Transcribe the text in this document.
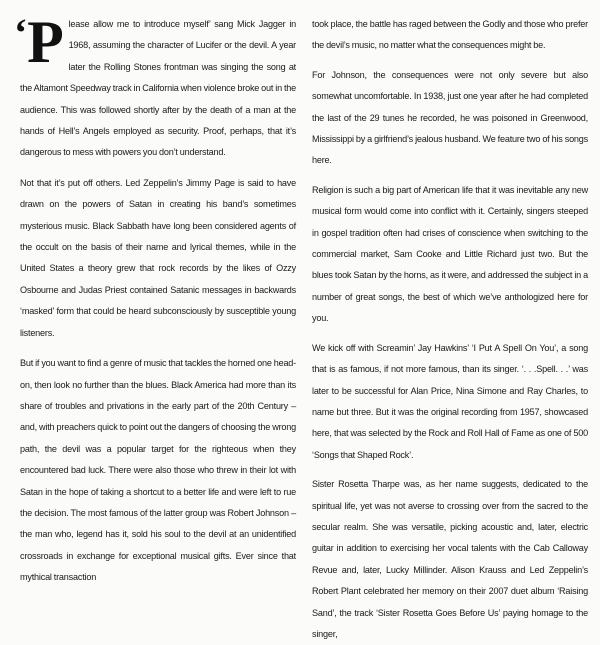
‘P lease allow me to introduce myself’ sang Mick Jagger in 1968, assuming the character of Lucifer or the devil. A year later the Rolling Stones frontman was singing the song at the Altamont Speedway track in California when violence broke out in the audience. This was followed shortly after by the death of a man at the hands of Hell’s Angels employed as security. Proof, perhaps, that it’s dangerous to mess with powers you don’t understand.

Not that it’s put off others. Led Zeppelin’s Jimmy Page is said to have drawn on the powers of Satan in creating his band’s sometimes mysterious music. Black Sabbath have long been considered agents of the occult on the basis of their name and lyrical themes, while in the United States a theory grew that rock records by the likes of Ozzy Osbourne and Judas Priest contained Satanic messages in backwards ‘masked’ form that could be heard subconsciously by susceptible young listeners.

But if you want to find a genre of music that tackles the horned one head-on, then look no further than the blues. Black America had more than its share of troubles and privations in the early part of the 20th Century – and, with preachers quick to point out the dangers of choosing the wrong path, the devil was a popular target for the righteous when they encountered bad luck. There were also those who threw in their lot with Satan in the hope of taking a shortcut to a better life and were left to rue the decision. The most famous of the latter group was Robert Johnson – the man who, legend has it, sold his soul to the devil at an unidentified crossroads in exchange for exceptional musical gifts. Ever since that mythical transaction

took place, the battle has raged between the Godly and those who prefer the devil’s music, no matter what the consequences might be.

For Johnson, the consequences were not only severe but also somewhat uncomfortable. In 1938, just one year after he had completed the last of the 29 tunes he recorded, he was poisoned in Greenwood, Mississippi by a girlfriend’s jealous husband. We feature two of his songs here.

Religion is such a big part of American life that it was inevitable any new musical form would come into conflict with it. Certainly, singers steeped in gospel tradition often had crises of conscience when switching to the commercial market, Sam Cooke and Little Richard just two. But the blues took Satan by the horns, as it were, and addressed the subject in a number of great songs, the best of which we’ve anthologized here for you.

We kick off with Screamin’ Jay Hawkins’ ‘I Put A Spell On You’, a song that is as famous, if not more famous, than its singer. ‘. . .Spell. . .’ was later to be successful for Alan Price, Nina Simone and Ray Charles, to name but three. But it was the original recording from 1957, showcased here, that was selected by the Rock and Roll Hall of Fame as one of 500 ‘Songs that Shaped Rock’.

Sister Rosetta Tharpe was, as her name suggests, dedicated to the spiritual life, yet was not averse to crossing over from the sacred to the secular realm. She was versatile, picking acoustic and, later, electric guitar in addition to exercising her vocal talents with the Cab Calloway Revue and, later, Lucky Millinder. Alison Krauss and Led Zeppelin’s Robert Plant celebrated her memory on their 2007 duet album ‘Raising Sand’, the track ‘Sister Rosetta Goes Before Us’ paying homage to the singer,
